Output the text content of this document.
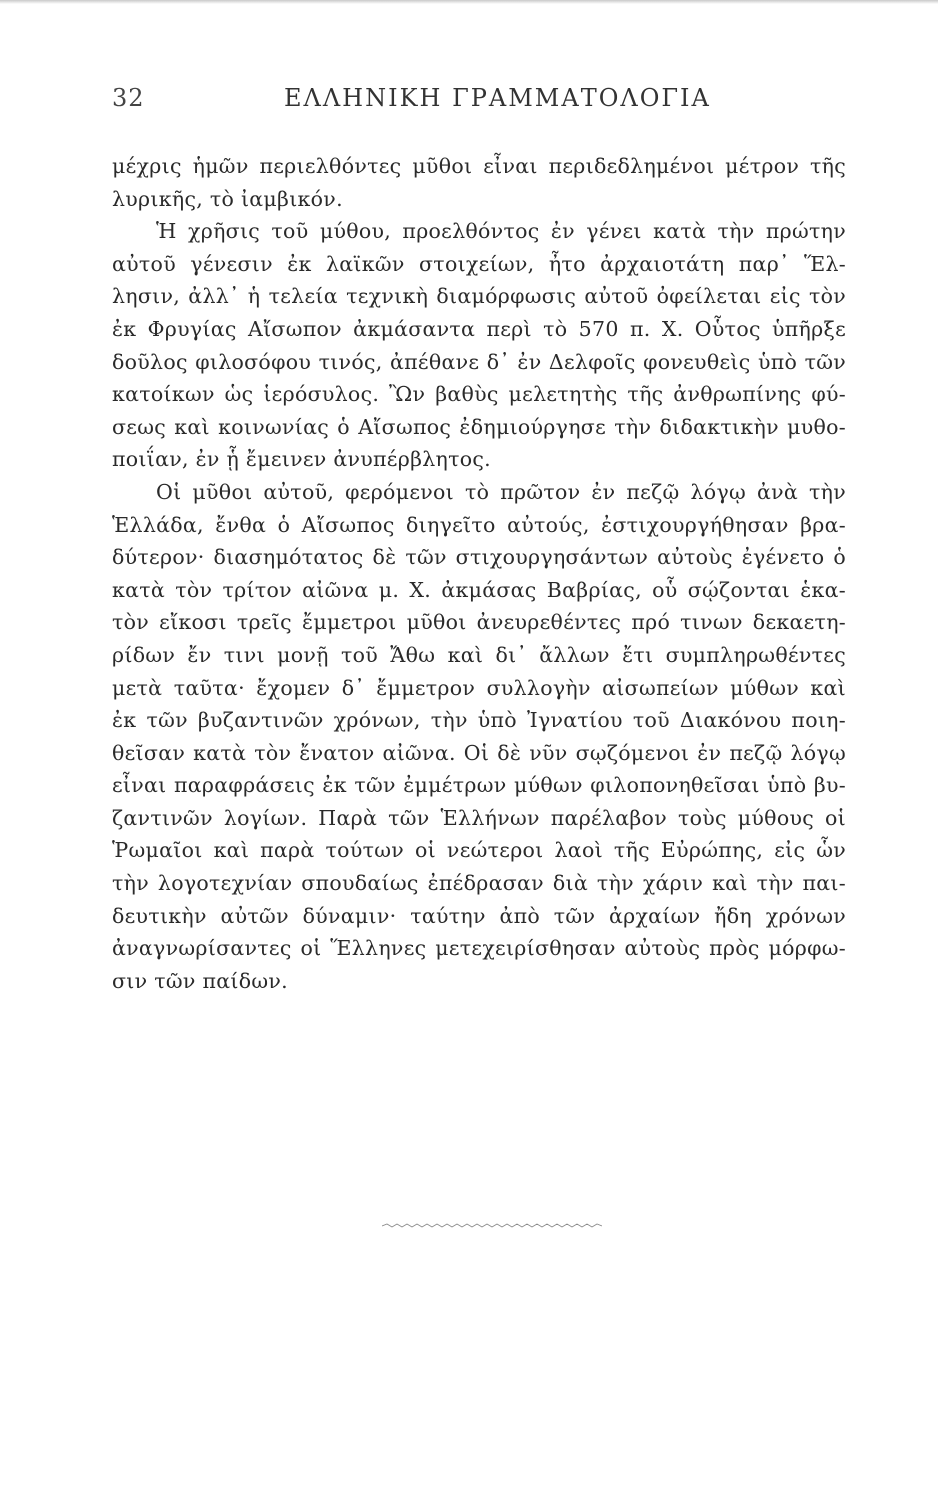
32	ΕΛΛΗΝΙΚΗ ΓΡΑΜΜΑΤΟΛΟΓΙΑ
μέχρις ἡμῶν περιελθόντες μῦθοι εἶναι περιδεδλημένοι μέτρον τῆς
λυρικῆς, τὸ ἰαμβικόν.
Ἡ χρῆσις τοῦ μύθου, προελθόντος ἐν γένει κατὰ τὴν πρώτην
αὐτοῦ γένεσιν ἐκ λαϊκῶν στοιχείων, ἦτο ἀρχαιοτάτη παρ᾽ Ἕλ-
λησιν, ἀλλ᾽ ἡ τελεία τεχνικὴ διαμόρφωσις αὐτοῦ ὀφείλεται εἰς τὸν
ἐκ Φρυγίας Αἴσωπον ἀκμάσαντα περὶ τὸ 570 π. Χ. Οὗτος ὑπῆρξε
δοῦλος φιλοσόφου τινός, ἀπέθανε δ᾽ ἐν Δελφοῖς φονευθεὶς ὑπὸ τῶν
κατοίκων ὡς ἱερόσυλος. Ὢν βαθὺς μελετητὴς τῆς ἀνθρωπίνης φύ-
σεως καὶ κοινωνίας ὁ Αἴσωπος ἐδημιούργησε τὴν διδακτικὴν μυθο-
ποιΐαν, ἐν ᾗ ἔμεινεν ἀνυπέρβλητος.
Οἱ μῦθοι αὐτοῦ, φερόμενοι τὸ πρῶτον ἐν πεζῷ λόγῳ ἀνὰ τὴν
Ἑλλάδα, ἔνθα ὁ Αἴσωπος διηγεῖτο αὐτούς, ἐστιχουργήθησαν βρα-
δύτερον· διασημότατος δὲ τῶν στιχουργησάντων αὐτοὺς ἐγένετο ὁ
κατὰ τὸν τρίτον αἰῶνα μ. Χ. ἀκμάσας Βαβρίας, οὗ σῴζονται ἑκα-
τὸν εἴκοσι τρεῖς ἔμμετροι μῦθοι ἀνευρεθέντες πρό τινων δεκαετη-
ρίδων ἔν τινι μονῇ τοῦ Ἄθω καὶ δι᾽ ἄλλων ἔτι συμπληρωθέντες
μετὰ ταῦτα· ἔχομεν δ᾽ ἔμμετρον συλλογὴν αἰσωπείων μύθων καὶ
ἐκ τῶν βυζαντινῶν χρόνων, τὴν ὑπὸ Ἰγνατίου τοῦ Διακόνου ποιη-
θεῖσαν κατὰ τὸν ἔνατον αἰῶνα. Οἱ δὲ νῦν σῳζόμενοι ἐν πεζῷ λόγῳ
εἶναι παραφράσεις ἐκ τῶν ἐμμέτρων μύθων φιλοπονηθεῖσαι ὑπὸ βυ-
ζαντινῶν λογίων. Παρὰ τῶν Ἑλλήνων παρέλαβον τοὺς μύθους οἱ
Ῥωμαῖοι καὶ παρὰ τούτων οἱ νεώτεροι λαοὶ τῆς Εὐρώπης, εἰς ὧν
τὴν λογοτεχνίαν σπουδαίως ἐπέδρασαν διὰ τὴν χάριν καὶ τὴν παι-
δευτικὴν αὐτῶν δύναμιν· ταύτην ἀπὸ τῶν ἀρχαίων ἤδη χρόνων
ἀναγνωρίσαντες οἱ Ἕλληνες μετεχειρίσθησαν αὐτοὺς πρὸς μόρφω-
σιν τῶν παίδων.
